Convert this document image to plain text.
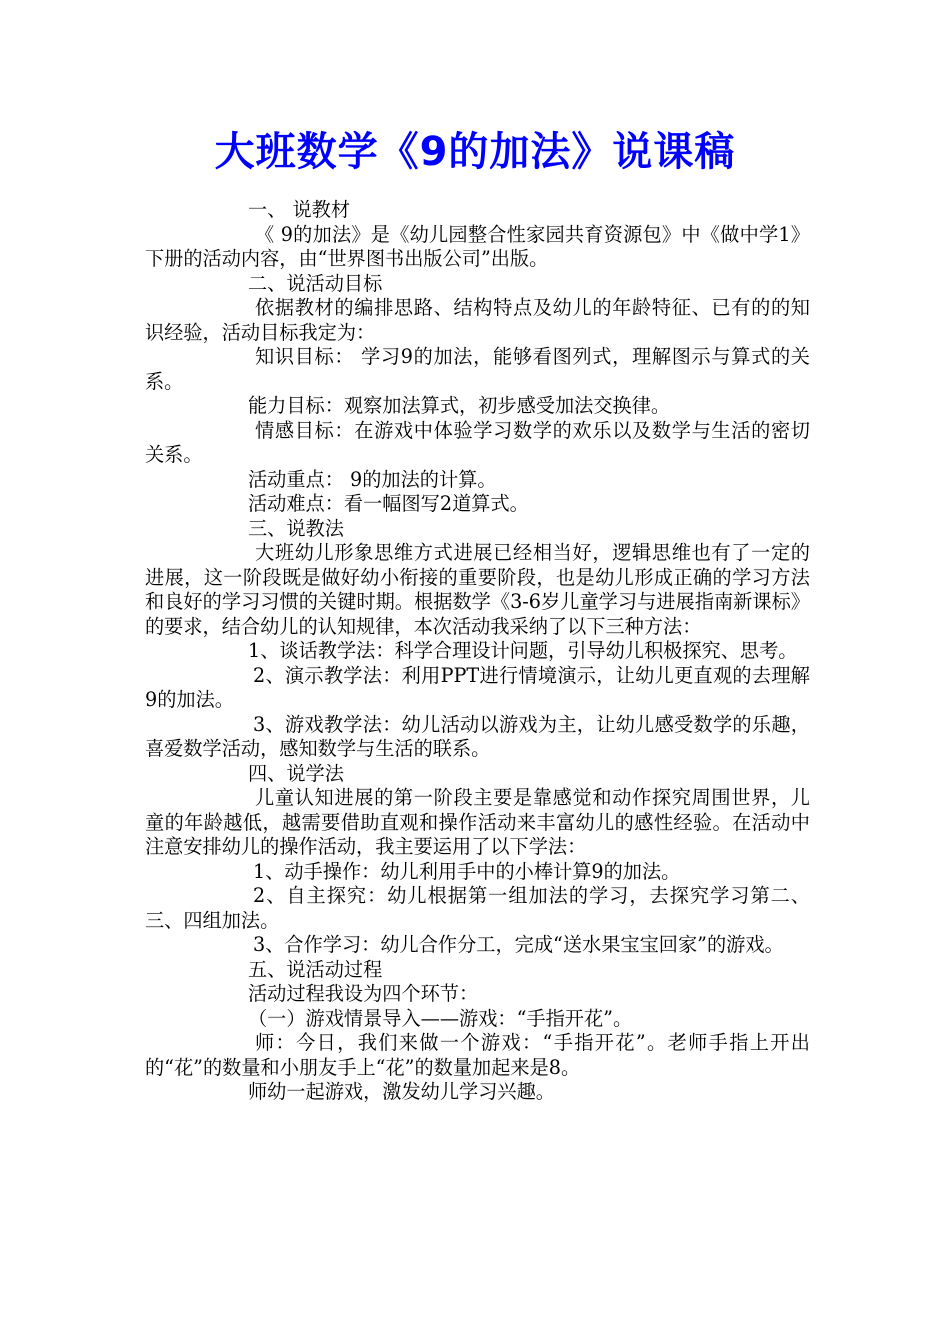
大班数学《9的加法》说课稿

一、 说教材

《 9的加法》是《幼儿园整合性家园共育资源包》中《做中学1》下册的活动内容，由“世界图书出版公司”出版。

二、说活动目标

依据教材的编排思路、结构特点及幼儿的年龄特征、已有的的知识经验，活动目标我定为：

知识目标： 学习9的加法，能够看图列式，理解图示与算式的关系。

能力目标：观察加法算式，初步感受加法交换律。

情感目标：在游戏中体验学习数学的欢乐以及数学与生活的密切关系。

活动重点： 9的加法的计算。

活动难点：看一幅图写2道算式。

三、说教法

大班幼儿形象思维方式进展已经相当好，逻辑思维也有了一定的进展，这一阶段既是做好幼小衔接的重要阶段，也是幼儿形成正确的学习方法和良好的学习习惯的关键时期。根据数学《3-6岁儿童学习与进展指南新课标》的要求，结合幼儿的认知规律，本次活动我采纳了以下三种方法：

1、谈话教学法：科学合理设计问题，引导幼儿积极探究、思考。

2、演示教学法：利用PPT进行情境演示，让幼儿更直观的去理解9的加法。

3、游戏教学法：幼儿活动以游戏为主，让幼儿感受数学的乐趣，喜爱数学活动，感知数学与生活的联系。

四、说学法

儿童认知进展的第一阶段主要是靠感觉和动作探究周围世界，儿童的年龄越低，越需要借助直观和操作活动来丰富幼儿的感性经验。在活动中注意安排幼儿的操作活动，我主要运用了以下学法：

1、动手操作：幼儿利用手中的小棒计算9的加法。

2、自主探究：幼儿根据第一组加法的学习，去探究学习第二、三、四组加法。

3、合作学习：幼儿合作分工，完成“送水果宝宝回家”的游戏。

五、说活动过程

活动过程我设为四个环节：

（一）游戏情景导入——游戏：“手指开花”。

师：今日，我们来做一个游戏：“手指开花”。老师手指上开出的“花”的数量和小朋友手上“花”的数量加起来是8。

师幼一起游戏，激发幼儿学习兴趣。
